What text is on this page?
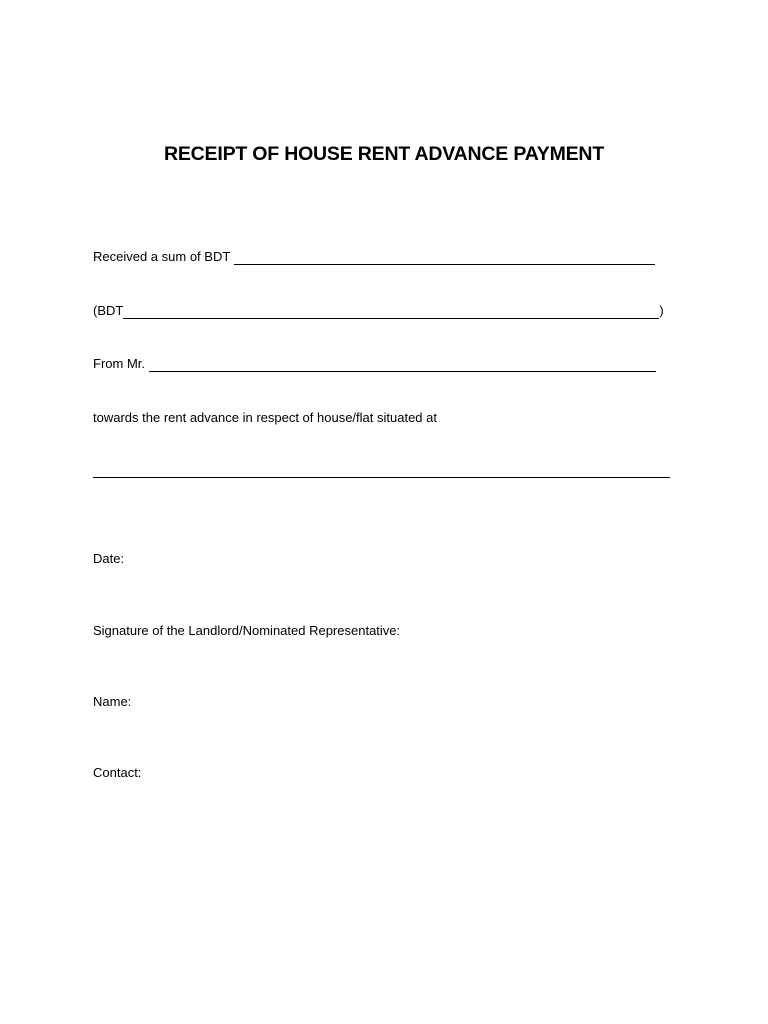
RECEIPT OF HOUSE RENT ADVANCE PAYMENT
Received a sum of BDT
(BDT	)
From Mr.
towards the rent advance in respect of house/flat situated at
Date:
Signature of the Landlord/Nominated Representative:
Name:
Contact:
